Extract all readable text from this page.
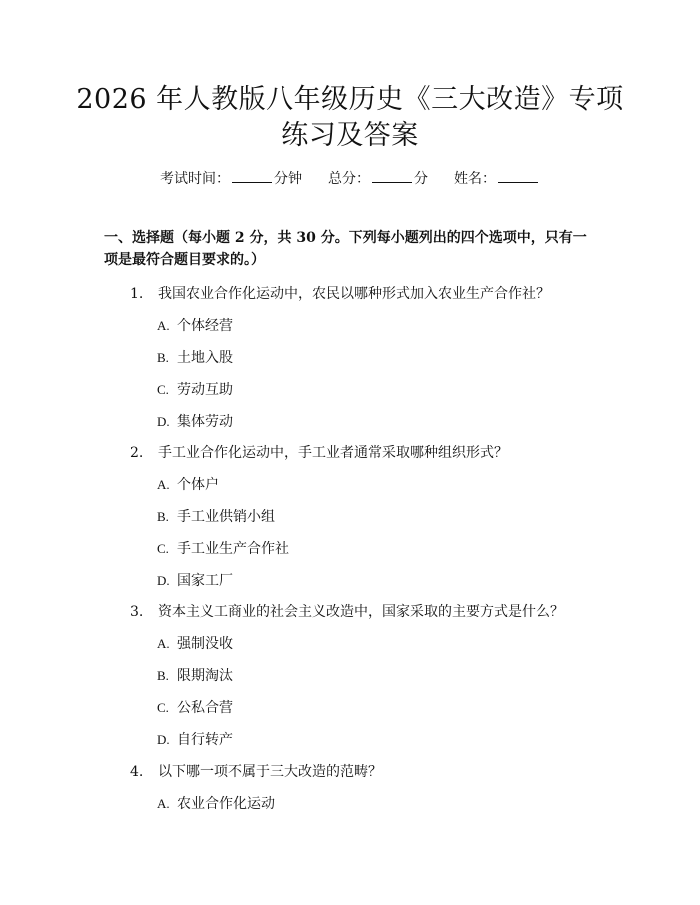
2026 年人教版八年级历史《三大改造》专项
练习及答案
考试时间：	分钟 总分：	分 姓名：
一、选择题（每小题 2 分，共 30 分。下列每小题列出的四个选项中，只有一项是最符合题目要求的。）
1. 我国农业合作化运动中，农民以哪种形式加入农业生产合作社？
A. 个体经营
B. 土地入股
C. 劳动互助
D. 集体劳动
2. 手工业合作化运动中，手工业者通常采取哪种组织形式？
A. 个体户
B. 手工业供销小组
C. 手工业生产合作社
D. 国家工厂
3. 资本主义工商业的社会主义改造中，国家采取的主要方式是什么？
A. 强制没收
B. 限期淘汰
C. 公私合营
D. 自行转产
4. 以下哪一项不属于三大改造的范畴？
A. 农业合作化运动
